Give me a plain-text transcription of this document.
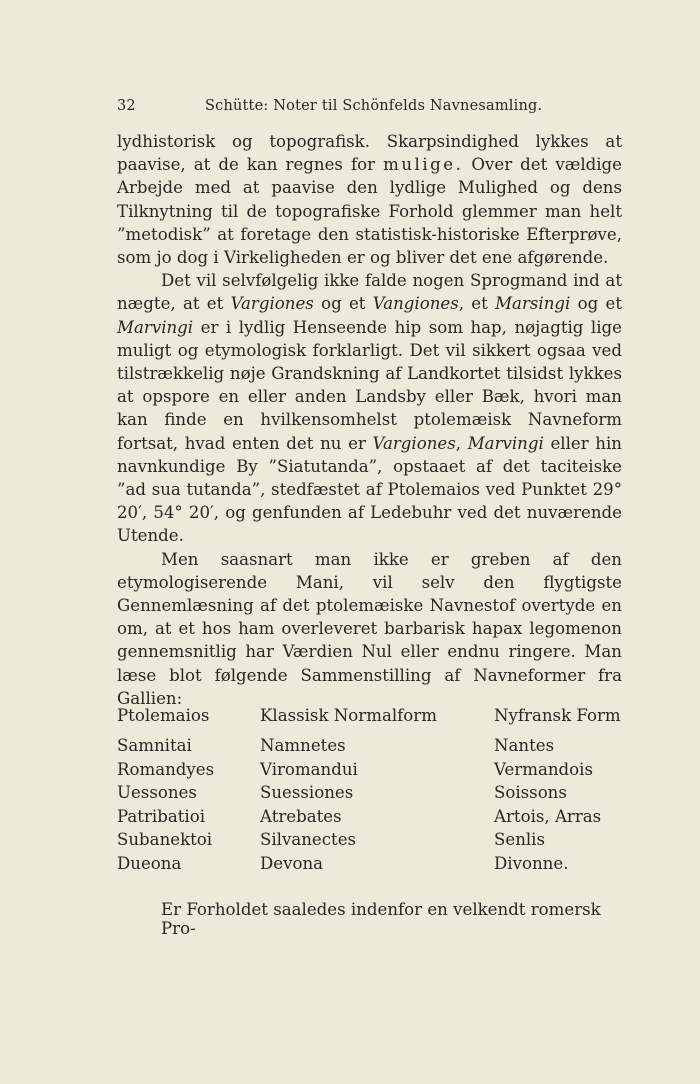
32	Schütte: Noter til Schönfelds Navnesamling.

lydhistorisk og topografisk. Skarpsindighed lykkes at paavise, at de kan regnes for mulige. Over det vældige Arbejde med at paavise den lydlige Mulighed og dens Tilknytning til de topografiske Forhold glemmer man helt ”metodisk” at foretage den statistisk-historiske Efterprøve, som jo dog i Virkeligheden er og bliver det ene afgørende.

Det vil selvfølgelig ikke falde nogen Sprogmand ind at nægte, at et Vargiones og et Vangiones, et Marsingi og et Marvingi er i lydlig Henseende hip som hap, nøjagtig lige muligt og etymologisk forklarligt. Det vil sikkert ogsaa ved tilstrækkelig nøje Grandskning af Landkortet tilsidst lykkes at opspore en eller anden Landsby eller Bæk, hvori man kan finde en hvilkensomhelst ptolemæisk Navneform fortsat, hvad enten det nu er Vargiones, Marvingi eller hin navnkundige By ”Siatutanda”, opstaaet af det taciteiske ”ad sua tutanda”, stedfæstet af Ptolemaios ved Punktet 29° 20′, 54° 20′, og genfunden af Ledebuhr ved det nuværende Utende.

Men saasnart man ikke er greben af den etymologiserende Mani, vil selv den flygtigste Gennemlæsning af det ptolemæiske Navnestof overtyde en om, at et hos ham overleveret barbarisk hapax legomenon gennemsnitlig har Værdien Nul eller endnu ringere. Man læse blot følgende Sammenstilling af Navneformer fra Gallien:

Ptolemaios	Klassisk Normalform	Nyfransk Form
Samnitai	Namnetes	Nantes
Romandyes	Viromandui	Vermandois
Uessones	Suessiones	Soissons
Patribatioi	Atrebates	Artois, Arras
Subanektoi	Silvanectes	Senlis
Dueona	Devona	Divonne.
Er Forholdet saaledes indenfor en velkendt romersk Pro-
